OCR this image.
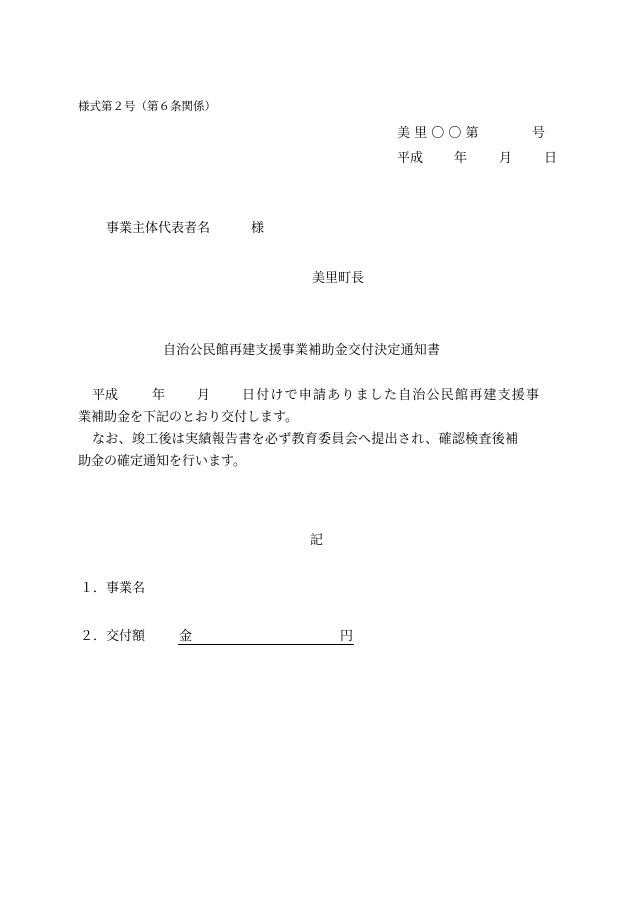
様式第２号（第６条関係）
美 里 〇 〇 第	号
平成 年 月 日
事業主体代表者名	様
美里町長
自治公民館再建支援事業補助金交付決定通知書
平成	年 月 日付けで申請ありました自治公民館再建支援事
業補助金を下記のとおり交付します。
なお、竣工後は実績報告書を必ず教育委員会へ提出され、確認検査後補
助金の確定通知を行います。
記
１． 事業名
２． 交付額	金	円
